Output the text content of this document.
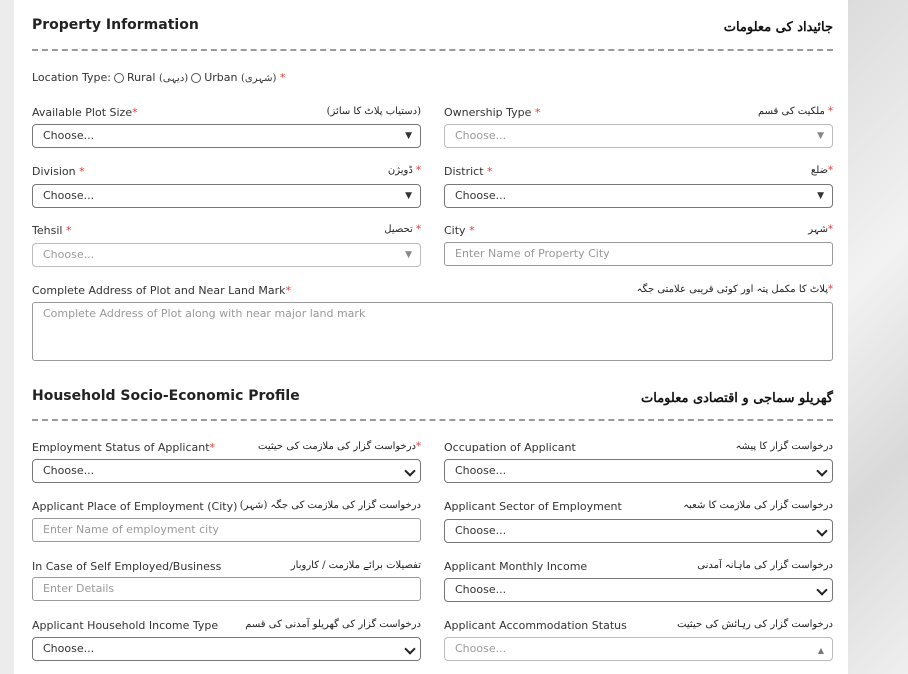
Property Information	جائیداد کی معلومات
Location Type: Rural (دیہی) Urban (شہری) *
Available Plot Size*	(دستیاب پلاٹ کا سائز)
Choose...	▼
Ownership Type *	* ملکیت کی قسم
Choose...	▼
Division *	* ڈویژن
Choose...	▼
District *	*ضلع
Choose...	▼
Tehsil *	* تحصیل
Choose...	▼
City *	*شہر
Enter Name of Property City
Complete Address of Plot and Near Land Mark*	*پلاٹ کا مکمل پتہ اور کوئی قریبی علامتی جگہ
Complete Address of Plot along with near major land mark
Household Socio-Economic Profile	گھریلو سماجی و اقتصادی معلومات
Employment Status of Applicant*	*درخواست گزار کی ملازمت کی حیثیت
Choose...
Occupation of Applicant	درخواست گزار کا پیشہ
Choose...
Applicant Place of Employment (City) درخواست گزار کی ملازمت کی جگہ (شہر)
Enter Name of employment city
Applicant Sector of Employment	درخواست گزار کی ملازمت کا شعبہ
Choose...
In Case of Self Employed/Business	تفصیلات برائے ملازمت / کاروبار
Enter Details
Applicant Monthly Income	درخواست گزار کی ماہانہ آمدنی
Choose...
Applicant Household Income Type	درخواست گزار کی گھریلو آمدنی کی قسم
Choose...
Applicant Accommodation Status	درخواست گزار کی رہائش کی حیثیت
Choose...	▲
